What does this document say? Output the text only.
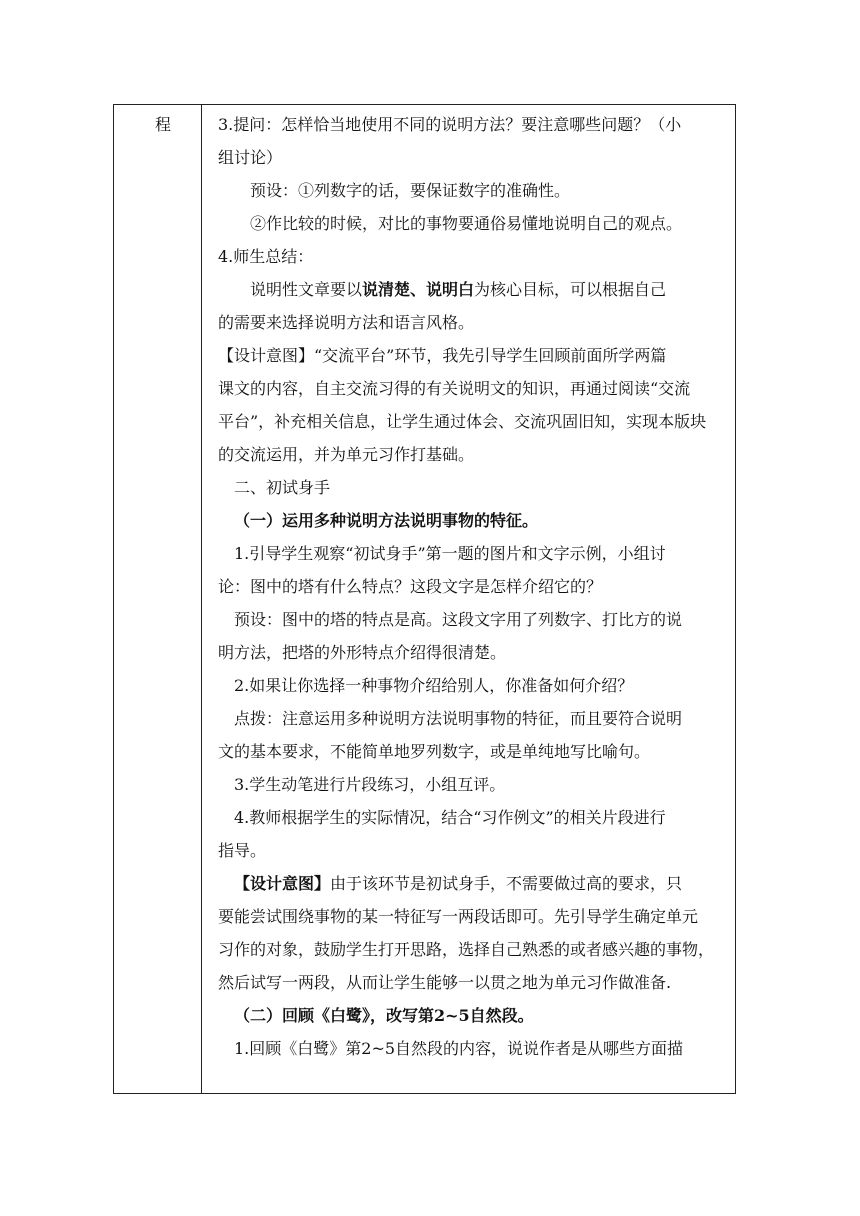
程	3.提问：怎样恰当地使用不同的说明方法？要注意哪些问题？（小
组讨论）
预设：①列数字的话，要保证数字的准确性。
②作比较的时候，对比的事物要通俗易懂地说明自己的观点。
4.师生总结：
说明性文章要以说清楚、说明白为核心目标，可以根据自己
的需要来选择说明方法和语言风格。
【设计意图】“交流平台”环节，我先引导学生回顾前面所学两篇
课文的内容，自主交流习得的有关说明文的知识，再通过阅读“交流
平台”，补充相关信息，让学生通过体会、交流巩固旧知，实现本版块
的交流运用，并为单元习作打基础。
二、初试身手
（一）运用多种说明方法说明事物的特征。
1.引导学生观察“初试身手”第一题的图片和文字示例，小组讨
论：图中的塔有什么特点？这段文字是怎样介绍它的？
预设：图中的塔的特点是高。这段文字用了列数字、打比方的说
明方法，把塔的外形特点介绍得很清楚。
2.如果让你选择一种事物介绍给别人，你准备如何介绍？
点拨：注意运用多种说明方法说明事物的特征，而且要符合说明
文的基本要求，不能简单地罗列数字，或是单纯地写比喻句。
3.学生动笔进行片段练习，小组互评。
4.教师根据学生的实际情况，结合“习作例文”的相关片段进行
指导。
【设计意图】由于该环节是初试身手，不需要做过高的要求，只
要能尝试围绕事物的某一特征写一两段话即可。先引导学生确定单元
习作的对象，鼓励学生打开思路，选择自己熟悉的或者感兴趣的事物，
然后试写一两段，从而让学生能够一以贯之地为单元习作做准备.
（二）回顾《白鹭》，改写第2~5自然段。
1.回顾《白鹭》第2~5自然段的内容，说说作者是从哪些方面描
